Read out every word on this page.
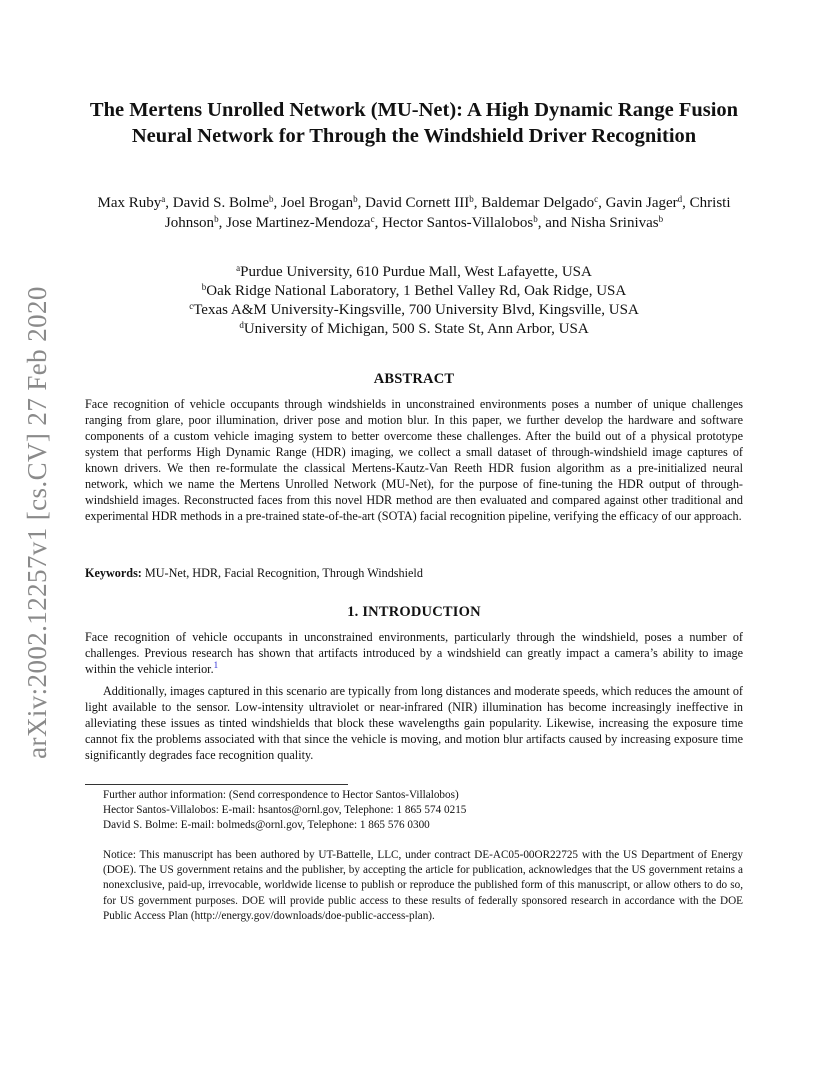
arXiv:2002.12257v1 [cs.CV] 27 Feb 2020
The Mertens Unrolled Network (MU-Net): A High Dynamic Range Fusion Neural Network for Through the Windshield Driver Recognition
Max Ruby$^a$, David S. Bolme$^b$, Joel Brogan$^b$, David Cornett III$^b$, Baldemar Delgado$^c$, Gavin Jager$^d$, Christi Johnson$^b$, Jose Martinez-Mendoza$^c$, Hector Santos-Villalobos$^b$, and Nisha Srinivas$^b$
$^a$Purdue University, 610 Purdue Mall, West Lafayette, USA
$^b$Oak Ridge National Laboratory, 1 Bethel Valley Rd, Oak Ridge, USA
$^c$Texas A&M University-Kingsville, 700 University Blvd, Kingsville, USA
$^d$University of Michigan, 500 S. State St, Ann Arbor, USA
ABSTRACT

Face recognition of vehicle occupants through windshields in unconstrained environments poses a number of unique challenges ranging from glare, poor illumination, driver pose and motion blur. In this paper, we further develop the hardware and software components of a custom vehicle imaging system to better overcome these challenges. After the build out of a physical prototype system that performs High Dynamic Range (HDR) imaging, we collect a small dataset of through-windshield image captures of known drivers. We then re-formulate the classical Mertens-Kautz-Van Reeth HDR fusion algorithm as a pre-initialized neural network, which we name the Mertens Unrolled Network (MU-Net), for the purpose of fine-tuning the HDR output of through-windshield images. Reconstructed faces from this novel HDR method are then evaluated and compared against other traditional and experimental HDR methods in a pre-trained state-of-the-art (SOTA) facial recognition pipeline, verifying the efficacy of our approach.

Keywords: MU-Net, HDR, Facial Recognition, Through Windshield
1. INTRODUCTION

Face recognition of vehicle occupants in unconstrained environments, particularly through the windshield, poses a number of challenges. Previous research has shown that artifacts introduced by a windshield can greatly impact a camera’s ability to image within the vehicle interior.$^1$

Additionally, images captured in this scenario are typically from long distances and moderate speeds, which reduces the amount of light available to the sensor. Low-intensity ultraviolet or near-infrared (NIR) illumination has become increasingly ineffective in alleviating these issues as tinted windshields that block these wavelengths gain popularity. Likewise, increasing the exposure time cannot fix the problems associated with that since the vehicle is moving, and motion blur artifacts caused by increasing exposure time significantly degrades face recognition quality.

Further author information: (Send correspondence to Hector Santos-Villalobos)
Hector Santos-Villalobos: E-mail: hsantos@ornl.gov, Telephone: 1 865 574 0215
David S. Bolme: E-mail: bolmeds@ornl.gov, Telephone: 1 865 576 0300
Notice: This manuscript has been authored by UT-Battelle, LLC, under contract DE-AC05-00OR22725 with the US Department of Energy (DOE). The US government retains and the publisher, by accepting the article for publication, acknowledges that the US government retains a nonexclusive, paid-up, irrevocable, worldwide license to publish or reproduce the published form of this manuscript, or allow others to do so, for US government purposes. DOE will provide public access to these results of federally sponsored research in accordance with the DOE Public Access Plan (http://energy.gov/downloads/doe-public-access-plan).
